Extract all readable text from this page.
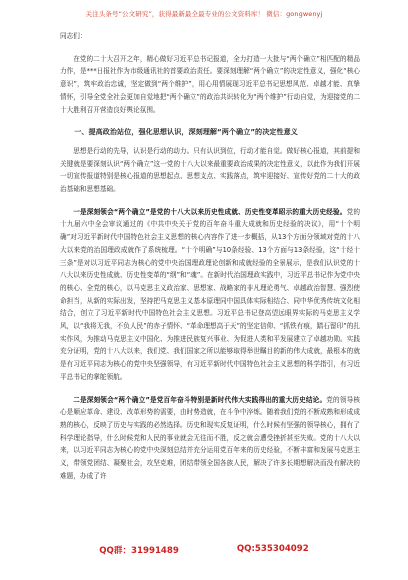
关注头条号“公文研究”，获得最新最全最专业的公文资料库！ 微信：gongwenyj

同志们：

在党的二十大召开之年，精心做好习近平总书记报道，全力打造一大批与“两个确立”相匹配的精品力作，是***日报社作为市级通讯社的首要政治责任。要深刻理解“两个确立”的决定性意义，强化“核心意识”，筑牢政治忠诚，坚定做到“两个维护”，用心用情展现习近平总书记思想风范、卓越才能、真挚情怀，引导全党全社会更加自觉地把“两个确立”的政治共识转化为“两个维护”行动自觉，为迎接党的二十大胜利召开营造良好舆论氛围。

一、提高政治站位，强化思想认识，深刻理解“两个确立”的决定性意义

思想是行动的先导，认识是行动的动力。只有认识到位，行动才能自觉。做好核心报道，其前提和关键就是要深刻认识“两个确立”这一党的十八大以来最重要政治成果的决定性意义，以此作为我们开展一切宣传报道特别是核心报道的思想起点、思想支点、实践落点，筑牢迎接好、宣传好党的二十大的政治基础和思想基础。

一是深刻领会“两个确立”是党的十八大以来历史性成就、历史性变革昭示的重大历史经验。党的十九届六中全会审议通过的《中共中央关于党的百年奋斗重大成就和历史经验的决议》，用“十个明确”对习近平新时代中国特色社会主义思想的核心内容作了进一步概括，从13个方面分领域对党的十八大以来党的治国理政成就作了系统梳理。“十个明确”与10条经验、13个方面与13条经验，这“十经十三条”是对以习近平同志为核心的党中央治国理政理论创新和成就经验的全景展示，是我们认识党的十八大以来历史性成就、历史性变革的“纲”和“魂”。在新时代治国理政实践中，习近平总书记作为党中央的核心、全党的核心，以马克思主义政治家、思想家、战略家的非凡理论勇气、卓越政治智慧、强烈使命担当，从新的实际出发，坚持把马克思主义基本原理同中国具体实际相结合、同中华优秀传统文化相结合，创立了习近平新时代中国特色社会主义思想。习近平总书记登高望远眼界实际的马克思主义学风，以“我将无我，不负人民”的赤子情怀、“革命理想高于天”的坚定信仰、“抓铁有痕，踏石留印”的扎实作风，为推动马克思主义中国化、为推进民族复兴事业、为促进人类和平发展建立了卓越功勋。实践充分证明，党的十八大以来，我们党、我们国家之所以能够取得举世瞩目的新的伟大成就，最根本的就是有习近平同志为核心的党中央坚强领导，有习近平新时代中国特色社会主义思想的科学指引，有习近平总书记的掌舵领航。

二是深刻领会“两个确立”是党百年奋斗特别是新时代伟大实践得出的重大历史结论。党的领导核心是顺应革命、建设、改革形势的需要，由时势造就，在斗争中淬炼。随着我们党的不断成熟和形成成熟的核心，反映了历史与实践的必然选择。历史和现实反复证明，什么时候有坚强的领导核心，拥有了科学理论指导，什么时候党和人民的事业就会无往而不胜，反之就会遭受挫折甚至失败。党的十八大以来，以习近平同志为核心的党中央深刻总结并充分运用党百年来的历史经验，不断丰富和发展马克思主义，带领党团结、凝聚社会，攻坚克难，团结带领全国各族人民，解决了许多长期想解决而没有解决的难题，办成了许

QQ群：31991489	QQ:535304092
